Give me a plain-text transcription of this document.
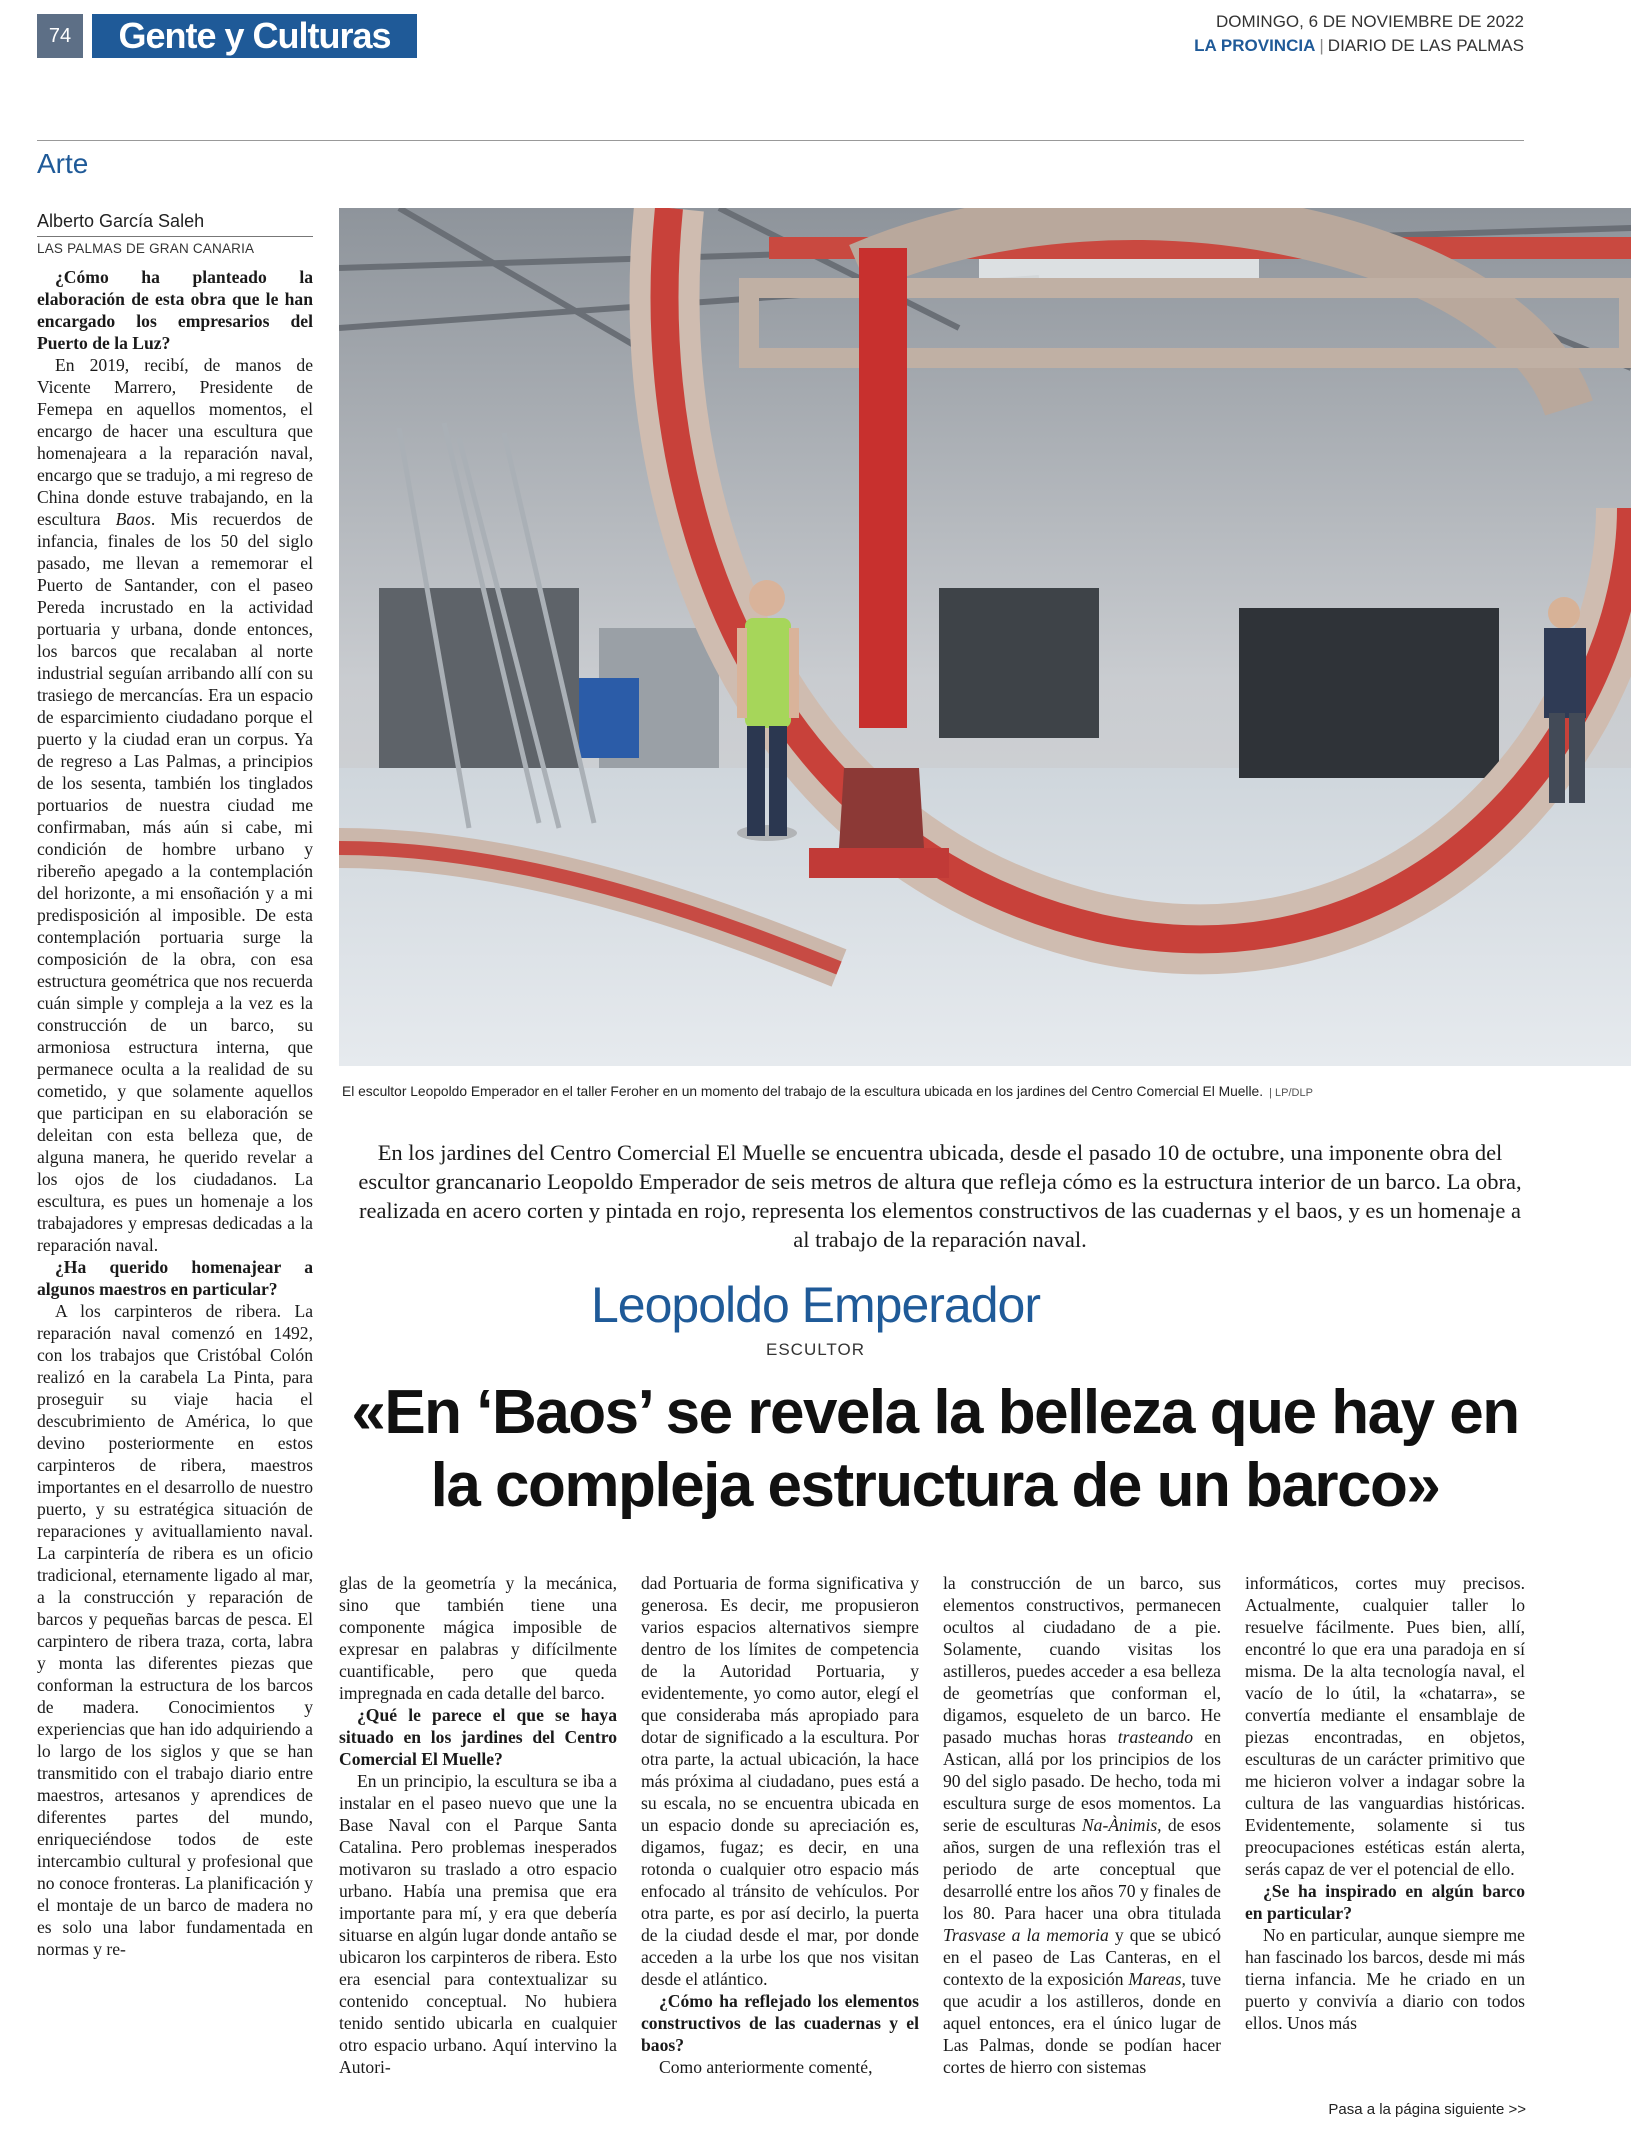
74	Gente y Culturas	DOMINGO, 6 DE NOVIEMBRE DE 2022
LA PROVINCIA | DIARIO DE LAS PALMAS
Arte
Alberto García Saleh
LAS PALMAS DE GRAN CANARIA

¿Cómo ha planteado la elaboración de esta obra que le han encargado los empresarios del Puerto de la Luz?

En 2019, recibí, de manos de Vicente Marrero, Presidente de Femepa en aquellos momentos, el encargo de hacer una escultura que homenajeara a la reparación naval, encargo que se tradujo, a mi regreso de China donde estuve trabajando, en la escultura Baos. Mis recuerdos de infancia, finales de los 50 del siglo pasado, me llevan a rememorar el Puerto de Santander, con el paseo Pereda incrustado en la actividad portuaria y urbana, donde entonces, los barcos que recalaban al norte industrial seguían arribando allí con su trasiego de mercancías. Era un espacio de esparcimiento ciudadano porque el puerto y la ciudad eran un corpus. Ya de regreso a Las Palmas, a principios de los sesenta, también los tinglados portuarios de nuestra ciudad me confirmaban, más aún si cabe, mi condición de hombre urbano y ribereño apegado a la contemplación del horizonte, a mi ensoñación y a mi predisposición al imposible. De esta contemplación portuaria surge la composición de la obra, con esa estructura geométrica que nos recuerda cuán simple y compleja a la vez es la construcción de un barco, su armoniosa estructura interna, que permanece oculta a la realidad de su cometido, y que solamente aquellos que participan en su elaboración se deleitan con esta belleza que, de alguna manera, he querido revelar a los ojos de los ciudadanos. La escultura, es pues un homenaje a los trabajadores y empresas dedicadas a la reparación naval.

¿Ha querido homenajear a algunos maestros en particular?

A los carpinteros de ribera. La reparación naval comenzó en 1492, con los trabajos que Cristóbal Colón realizó en la carabela La Pinta, para proseguir su viaje hacia el descubrimiento de América, lo que devino posteriormente en estos carpinteros de ribera, maestros importantes en el desarrollo de nuestro puerto, y su estratégica situación de reparaciones y avituallamiento naval. La carpintería de ribera es un oficio tradicional, eternamente ligado al mar, a la construcción y reparación de barcos y pequeñas barcas de pesca. El carpintero de ribera traza, corta, labra y monta las diferentes piezas que conforman la estructura de los barcos de madera. Conocimientos y experiencias que han ido adquiriendo a lo largo de los siglos y que se han transmitido con el trabajo diario entre maestros, artesanos y aprendices de diferentes partes del mundo, enriqueciéndose todos de este intercambio cultural y profesional que no conoce fronteras. La planificación y el montaje de un barco de madera no es solo una labor fundamentada en normas y re-

El escultor Leopoldo Emperador en el taller Feroher en un momento del trabajo de la escultura ubicada en los jardines del Centro Comercial El Muelle. | LP/DLP
En los jardines del Centro Comercial El Muelle se encuentra ubicada, desde el pasado 10 de octubre, una imponente obra del escultor grancanario Leopoldo Emperador de seis metros de altura que refleja cómo es la estructura interior de un barco. La obra, realizada en acero corten y pintada en rojo, representa los elementos constructivos de las cuadernas y el baos, y es un homenaje a al trabajo de la reparación naval.
Leopoldo Emperador
ESCULTOR
«En ‘Baos’ se revela la belleza que hay en la compleja estructura de un barco»

glas de la geometría y la mecánica, sino que también tiene una componente mágica imposible de expresar en palabras y difícilmente cuantificable, pero que queda impregnada en cada detalle del barco.

¿Qué le parece el que se haya situado en los jardines del Centro Comercial El Muelle?

En un principio, la escultura se iba a instalar en el paseo nuevo que une la Base Naval con el Parque Santa Catalina. Pero problemas inesperados motivaron su traslado a otro espacio urbano. Había una premisa que era importante para mí, y era que debería situarse en algún lugar donde antaño se ubicaron los carpinteros de ribera. Esto era esencial para contextualizar su contenido conceptual. No hubiera tenido sentido ubicarla en cualquier otro espacio urbano. Aquí intervino la Autori-

dad Portuaria de forma significativa y generosa. Es decir, me propusieron varios espacios alternativos siempre dentro de los límites de competencia de la Autoridad Portuaria, y evidentemente, yo como autor, elegí el que consideraba más apropiado para dotar de significado a la escultura. Por otra parte, la actual ubicación, la hace más próxima al ciudadano, pues está a su escala, no se encuentra ubicada en un espacio donde su apreciación es, digamos, fugaz; es decir, en una rotonda o cualquier otro espacio más enfocado al tránsito de vehículos. Por otra parte, es por así decirlo, la puerta de la ciudad desde el mar, por donde acceden a la urbe los que nos visitan desde el atlántico.

¿Cómo ha reflejado los elementos constructivos de las cuadernas y el baos?

Como anteriormente comenté,

la construcción de un barco, sus elementos constructivos, permanecen ocultos al ciudadano de a pie. Solamente, cuando visitas los astilleros, puedes acceder a esa belleza de geometrías que conforman el, digamos, esqueleto de un barco. He pasado muchas horas trasteando en Astican, allá por los principios de los 90 del siglo pasado. De hecho, toda mi escultura surge de esos momentos. La serie de esculturas Na-Ànimis, de esos años, surgen de una reflexión tras el periodo de arte conceptual que desarrollé entre los años 70 y finales de los 80. Para hacer una obra titulada Trasvase a la memoria y que se ubicó en el paseo de Las Canteras, en el contexto de la exposición Mareas, tuve que acudir a los astilleros, donde en aquel entonces, era el único lugar de Las Palmas, donde se podían hacer cortes de hierro con sistemas

informáticos, cortes muy precisos. Actualmente, cualquier taller lo resuelve fácilmente. Pues bien, allí, encontré lo que era una paradoja en sí misma. De la alta tecnología naval, el vacío de lo útil, la «chatarra», se convertía mediante el ensamblaje de piezas encontradas, en objetos, esculturas de un carácter primitivo que me hicieron volver a indagar sobre la cultura de las vanguardias históricas. Evidentemente, solamente si tus preocupaciones estéticas están alerta, serás capaz de ver el potencial de ello.

¿Se ha inspirado en algún barco en particular?

No en particular, aunque siempre me han fascinado los barcos, desde mi más tierna infancia. Me he criado en un puerto y convivía a diario con todos ellos. Unos más

Pasa a la página siguiente >>
